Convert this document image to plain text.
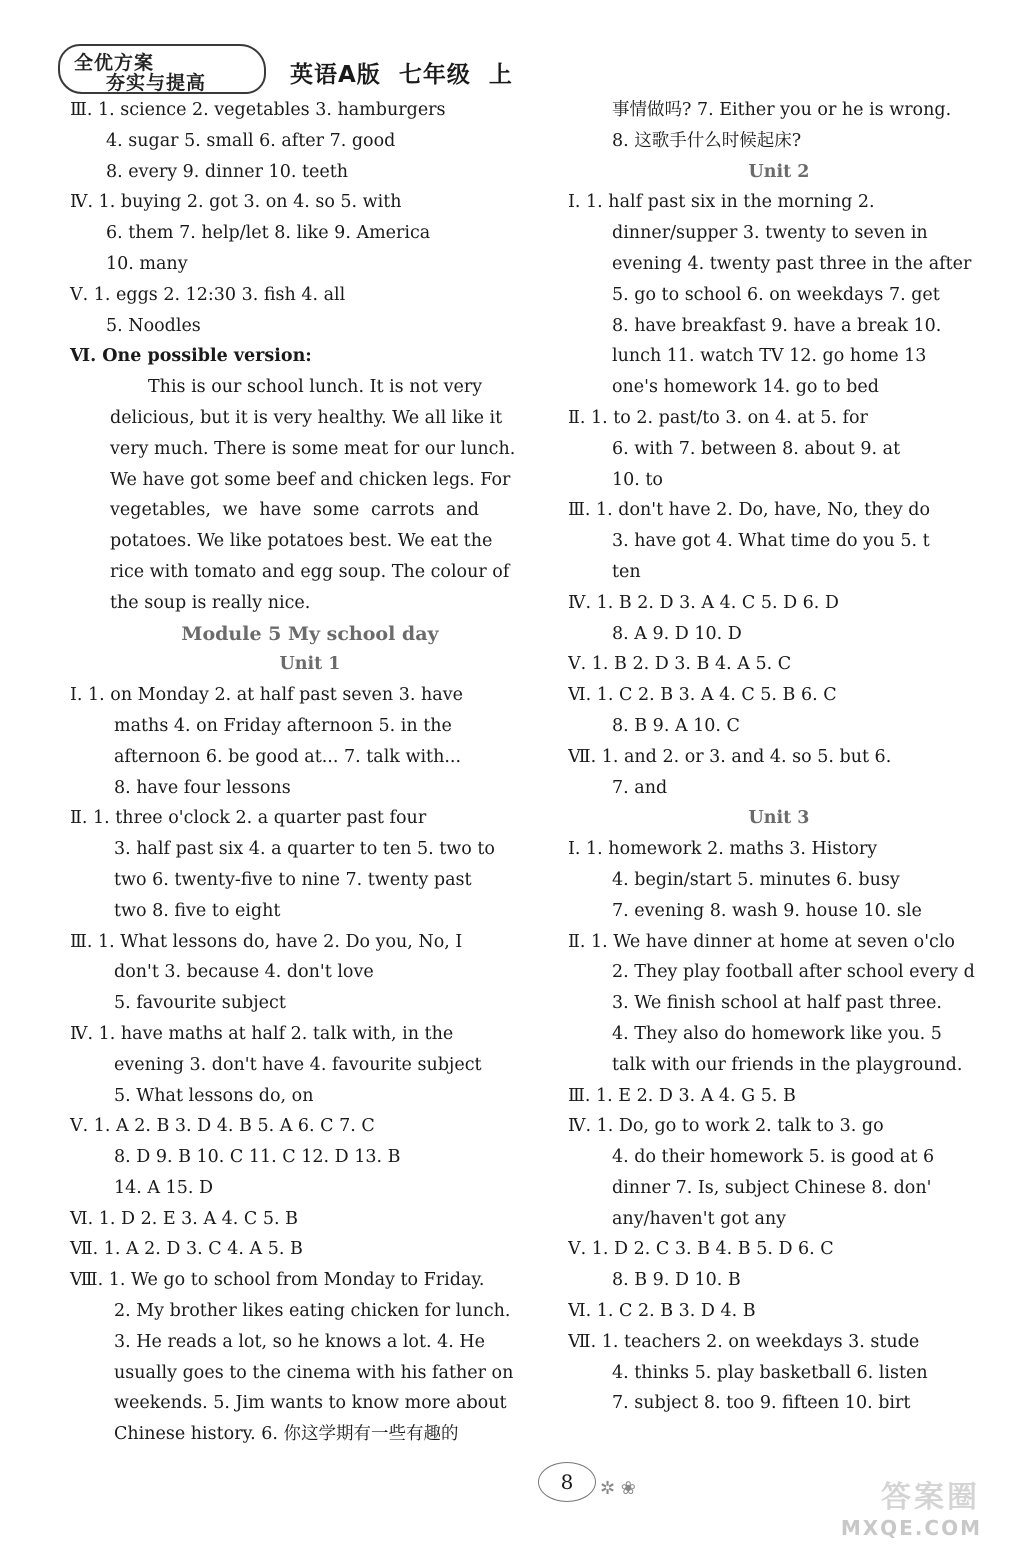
全优方案
夯实与提高	英语A版  七年级  上
Ⅲ. 1. science 2. vegetables 3. hamburgers
4. sugar 5. small 6. after 7. good
8. every 9. dinner 10. teeth
Ⅳ. 1. buying 2. got 3. on 4. so 5. with
6. them 7. help/let 8. like 9. America
10. many
Ⅴ. 1. eggs 2. 12:30 3. fish 4. all
5. Noodles
Ⅵ. One possible version:
This is our school lunch. It is not very
delicious, but it is very healthy. We all like it
very much. There is some meat for our lunch.
We have got some beef and chicken legs. For
vegetables, we have some carrots and
potatoes. We like potatoes best. We eat the
rice with tomato and egg soup. The colour of
the soup is really nice.
Module 5 My school day
Unit 1
Ⅰ. 1. on Monday 2. at half past seven 3. have
maths 4. on Friday afternoon 5. in the
afternoon 6. be good at... 7. talk with...
8. have four lessons
Ⅱ. 1. three o'clock 2. a quarter past four
3. half past six 4. a quarter to ten 5. two to
two 6. twenty-five to nine 7. twenty past
two 8. five to eight
Ⅲ. 1. What lessons do, have 2. Do you, No, I
don't 3. because 4. don't love
5. favourite subject
Ⅳ. 1. have maths at half 2. talk with, in the
evening 3. don't have 4. favourite subject
5. What lessons do, on
Ⅴ. 1. A 2. B 3. D 4. B 5. A 6. C 7. C
8. D 9. B 10. C 11. C 12. D 13. B
14. A 15. D
Ⅵ. 1. D 2. E 3. A 4. C 5. B
Ⅶ. 1. A 2. D 3. C 4. A 5. B
Ⅷ. 1. We go to school from Monday to Friday.
2. My brother likes eating chicken for lunch.
3. He reads a lot, so he knows a lot. 4. He
usually goes to the cinema with his father on
weekends. 5. Jim wants to know more about
Chinese history. 6. 你这学期有一些有趣的
事情做吗? 7. Either you or he is wrong.
8. 这歌手什么时候起床?
Unit 2
Ⅰ. 1. half past six in the morning 2.
dinner/supper 3. twenty to seven in
evening 4. twenty past three in the after
5. go to school 6. on weekdays 7. get
8. have breakfast 9. have a break 10.
lunch 11. watch TV 12. go home 13
one's homework 14. go to bed
Ⅱ. 1. to 2. past/to 3. on 4. at 5. for
6. with 7. between 8. about 9. at
10. to
Ⅲ. 1. don't have 2. Do, have, No, they do
3. have got 4. What time do you 5. t
ten
Ⅳ. 1. B 2. D 3. A 4. C 5. D 6. D
8. A 9. D 10. D
Ⅴ. 1. B 2. D 3. B 4. A 5. C
Ⅵ. 1. C 2. B 3. A 4. C 5. B 6. C
8. B 9. A 10. C
Ⅶ. 1. and 2. or 3. and 4. so 5. but 6.
7. and
Unit 3
Ⅰ. 1. homework 2. maths 3. History
4. begin/start 5. minutes 6. busy
7. evening 8. wash 9. house 10. sle
Ⅱ. 1. We have dinner at home at seven o'clo
2. They play football after school every d
3. We finish school at half past three.
4. They also do homework like you. 5
talk with our friends in the playground.
Ⅲ. 1. E 2. D 3. A 4. G 5. B
Ⅳ. 1. Do, go to work 2. talk to 3. go
4. do their homework 5. is good at 6
dinner 7. Is, subject Chinese 8. don'
any/haven't got any
Ⅴ. 1. D 2. C 3. B 4. B 5. D 6. C
8. B 9. D 10. B
Ⅵ. 1. C 2. B 3. D 4. B
Ⅶ. 1. teachers 2. on weekdays 3. stude
4. thinks 5. play basketball 6. listen
7. subject 8. too 9. fifteen 10. birt
8	✲ ❀	答案圈
MXQE.COM
